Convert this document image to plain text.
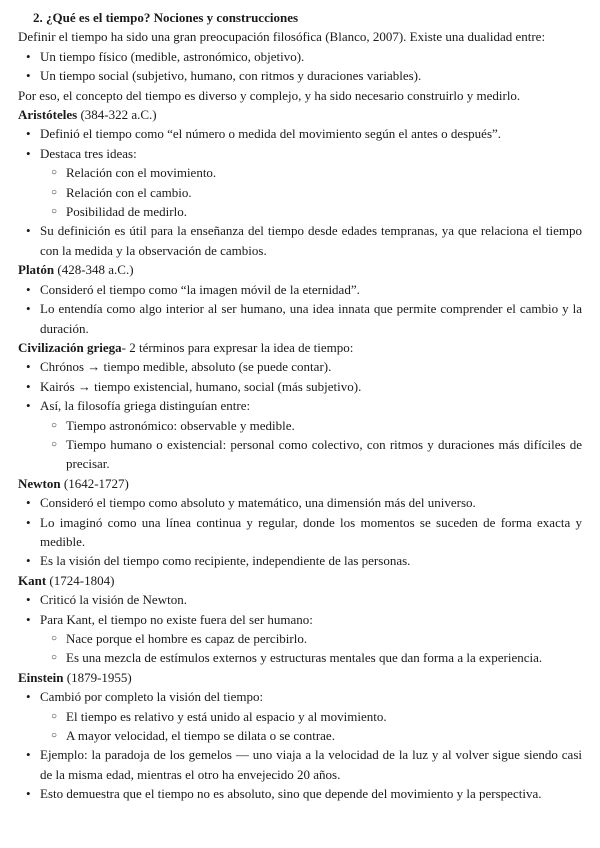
2. ¿Qué es el tiempo? Nociones y construcciones

Definir el tiempo ha sido una gran preocupación filosófica (Blanco, 2007). Existe una dualidad entre:

• Un tiempo físico (medible, astronómico, objetivo).
• Un tiempo social (subjetivo, humano, con ritmos y duraciones variables).

Por eso, el concepto del tiempo es diverso y complejo, y ha sido necesario construirlo y medirlo.

Aristóteles (384-322 a.C.)

• Definió el tiempo como “el número o medida del movimiento según el antes o después”.
• Destaca tres ideas:
○ Relación con el movimiento.
○ Relación con el cambio.
○ Posibilidad de medirlo.
• Su definición es útil para la enseñanza del tiempo desde edades tempranas, ya que relaciona el tiempo con la medida y la observación de cambios.

Platón (428-348 a.C.)

• Consideró el tiempo como “la imagen móvil de la eternidad”.
• Lo entendía como algo interior al ser humano, una idea innata que permite comprender el cambio y la duración.

Civilización griega- 2 términos para expresar la idea de tiempo:

• Chrónos → tiempo medible, absoluto (se puede contar).
• Kairós → tiempo existencial, humano, social (más subjetivo).
• Así, la filosofía griega distinguían entre:
○ Tiempo astronómico: observable y medible.
○ Tiempo humano o existencial: personal como colectivo, con ritmos y duraciones más difíciles de precisar.

Newton (1642-1727)

• Consideró el tiempo como absoluto y matemático, una dimensión más del universo.
• Lo imaginó como una línea continua y regular, donde los momentos se suceden de forma exacta y medible.
• Es la visión del tiempo como recipiente, independiente de las personas.

Kant (1724-1804)

• Criticó la visión de Newton.
• Para Kant, el tiempo no existe fuera del ser humano:
○ Nace porque el hombre es capaz de percibirlo.
○ Es una mezcla de estímulos externos y estructuras mentales que dan forma a la experiencia.

Einstein (1879-1955)

• Cambió por completo la visión del tiempo:
○ El tiempo es relativo y está unido al espacio y al movimiento.
○ A mayor velocidad, el tiempo se dilata o se contrae.
• Ejemplo: la paradoja de los gemelos — uno viaja a la velocidad de la luz y al volver sigue siendo casi de la misma edad, mientras el otro ha envejecido 20 años.
• Esto demuestra que el tiempo no es absoluto, sino que depende del movimiento y la perspectiva.
